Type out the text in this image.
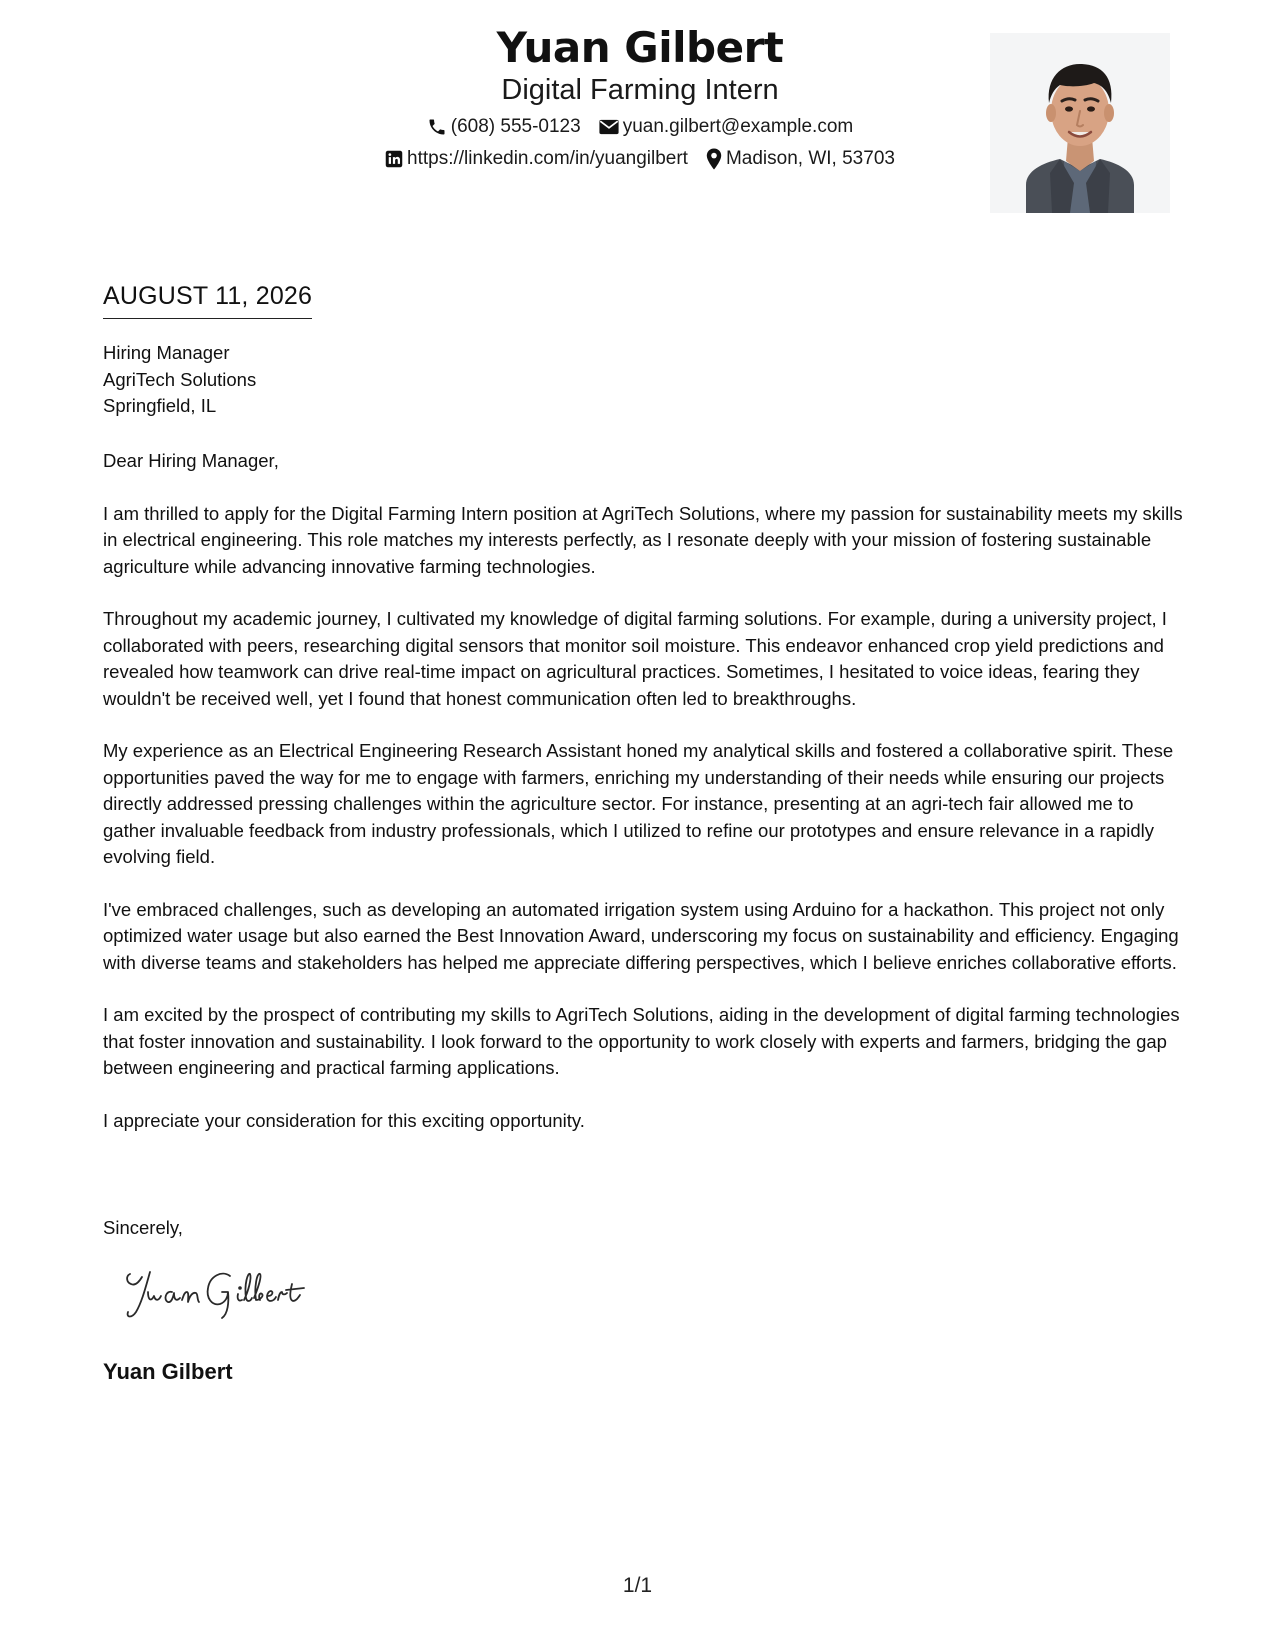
Yuan Gilbert
Digital Farming Intern
(608) 555-0123 yuan.gilbert@example.com
https://linkedin.com/in/yuangilbert Madison, WI, 53703
AUGUST 11, 2026
Hiring Manager
AgriTech Solutions
Springfield, IL

Dear Hiring Manager,

I am thrilled to apply for the Digital Farming Intern position at AgriTech Solutions, where my passion for sustainability meets my skills in electrical engineering. This role matches my interests perfectly, as I resonate deeply with your mission of fostering sustainable agriculture while advancing innovative farming technologies.

Throughout my academic journey, I cultivated my knowledge of digital farming solutions. For example, during a university project, I collaborated with peers, researching digital sensors that monitor soil moisture. This endeavor enhanced crop yield predictions and revealed how teamwork can drive real-time impact on agricultural practices. Sometimes, I hesitated to voice ideas, fearing they wouldn't be received well, yet I found that honest communication often led to breakthroughs.

My experience as an Electrical Engineering Research Assistant honed my analytical skills and fostered a collaborative spirit. These opportunities paved the way for me to engage with farmers, enriching my understanding of their needs while ensuring our projects directly addressed pressing challenges within the agriculture sector. For instance, presenting at an agri-tech fair allowed me to gather invaluable feedback from industry professionals, which I utilized to refine our prototypes and ensure relevance in a rapidly evolving field.

I've embraced challenges, such as developing an automated irrigation system using Arduino for a hackathon. This project not only optimized water usage but also earned the Best Innovation Award, underscoring my focus on sustainability and efficiency. Engaging with diverse teams and stakeholders has helped me appreciate differing perspectives, which I believe enriches collaborative efforts.

I am excited by the prospect of contributing my skills to AgriTech Solutions, aiding in the development of digital farming technologies that foster innovation and sustainability. I look forward to the opportunity to work closely with experts and farmers, bridging the gap between engineering and practical farming applications.

I appreciate your consideration for this exciting opportunity.

Sincerely,
Yuan Gilbert
1/1
